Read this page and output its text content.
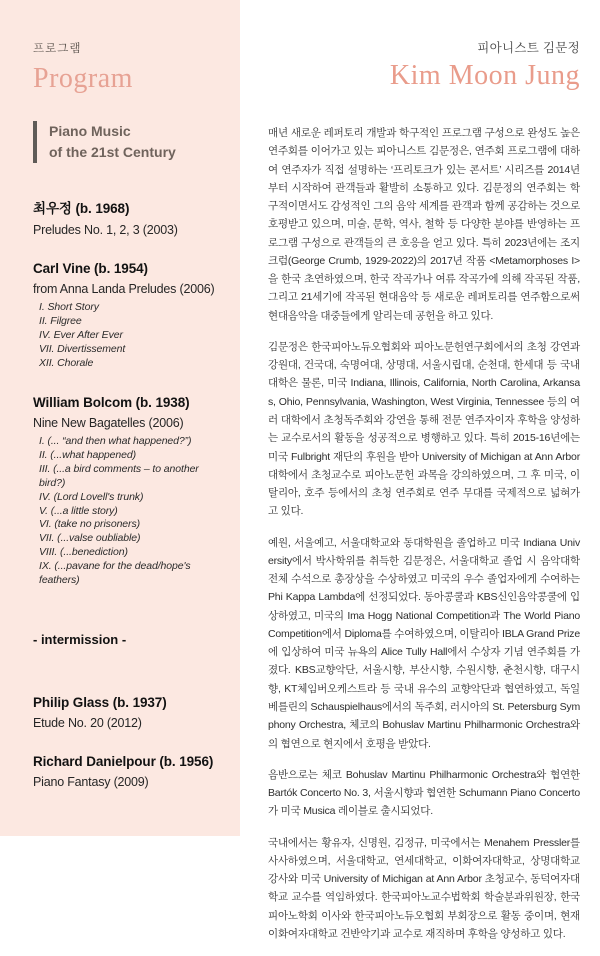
프로그램
Program
Piano Music
of the 21st Century
최우정 (b. 1968)
Preludes No. 1, 2, 3 (2003)
Carl Vine (b. 1954)
from Anna Landa Preludes (2006)
I. Short Story
II. Filgree
IV. Ever After Ever
VII. Divertissement
XII. Chorale
William Bolcom (b. 1938)
Nine New Bagatelles (2006)
I. (... “and then what happened?”)
II. (...what happened)
III. (...a bird comments – to another bird?)
IV. (Lord Lovell's trunk)
V. (...a little story)
VI. (take no prisoners)
VII. (...valse oubliable)
VIII. (...benediction)
IX. (...pavane for the dead/hope's feathers)
- intermission -
Philip Glass (b. 1937)
Etude No. 20 (2012)
Richard Danielpour (b. 1956)
Piano Fantasy (2009)
피아니스트 김문정
Kim Moon Jung

매년 새로운 레퍼토리 개발과 학구적인 프로그램 구성으로 완성도 높은 연주회를 이어가고 있는 피아니스트 김문정은, 연주회 프로그램에 대하여 연주자가 직접 설명하는 ‘프리토크가 있는 콘서트’ 시리즈를 2014년부터 시작하여 관객들과 활발히 소통하고 있다. 김문정의 연주회는 학구적이면서도 감성적인 그의 음악 세계를 관객과 함께 공감하는 것으로 호평받고 있으며, 미술, 문학, 역사, 철학 등 다양한 분야를 반영하는 프로그램 구성으로 관객들의 큰 호응을 얻고 있다. 특히 2023년에는 조지크럼(George Crumb, 1929-2022)의 2017년 작품 <Metamorphoses I>을 한국 초연하였으며, 한국 작곡가나 여류 작곡가에 의해 작곡된 작품, 그리고 21세기에 작곡된 현대음악 등 새로운 레퍼토리를 연주함으로써 현대음악을 대중들에게 알리는데 공헌을 하고 있다.

김문정은 한국피아노듀오협회와 피아노문헌연구회에서의 초청 강연과 강원대, 건국대, 숙명여대, 상명대, 서울시립대, 순천대, 한세대 등 국내 대학은 물론, 미국 Indiana, Illinois, California, North Carolina, Arkansas, Ohio, Pennsylvania, Washington, West Virginia, Tennessee 등의 여러 대학에서 초청독주회와 강연을 통해 전문 연주자이자 후학을 양성하는 교수로서의 활동을 성공적으로 병행하고 있다. 특히 2015-16년에는 미국 Fulbright 재단의 후원을 받아 University of Michigan at Ann Arbor 대학에서 초청교수로 피아노문헌 과목을 강의하였으며, 그 후 미국, 이탈리아, 호주 등에서의 초청 연주회로 연주 무대를 국제적으로 넓혀가고 있다.

예원, 서울예고, 서울대학교와 동대학원을 졸업하고 미국 Indiana University에서 박사학위를 취득한 김문정은, 서울대학교 졸업 시 음악대학 전체 수석으로 총장상을 수상하였고 미국의 우수 졸업자에게 수여하는 Phi Kappa Lambda에 선정되었다. 동아콩쿨과 KBS신인음악콩쿨에 입상하였고, 미국의 Ima Hogg National Competition과 The World Piano Competition에서 Diploma를 수여하였으며, 이탈리아 IBLA Grand Prize에 입상하여 미국 뉴욕의 Alice Tully Hall에서 수상자 기념 연주회를 가졌다. KBS교향악단, 서울시향, 부산시향, 수원시향, 춘천시향, 대구시향, KT체임버오케스트라 등 국내 유수의 교향악단과 협연하였고, 독일 베를린의 Schauspielhaus에서의 독주회, 러시아의 St. Petersburg Symphony Orchestra, 체코의 Bohuslav Martinu Philharmonic Orchestra와의 협연으로 현지에서 호평을 받았다.

음반으로는 체코 Bohuslav Martinu Philharmonic Orchestra와 협연한 Bartók Concerto No. 3, 서울시향과 협연한 Schumann Piano Concerto가 미국 Musica 레이블로 출시되었다.

국내에서는 황유자, 신명원, 김정규, 미국에서는 Menahem Pressler를 사사하였으며, 서울대학교, 연세대학교, 이화여자대학교, 상명대학교 강사와 미국 University of Michigan at Ann Arbor 초청교수, 동덕여자대학교 교수를 역임하였다. 한국피아노교수법학회 학술분과위원장, 한국피아노학회 이사와 한국피아노듀오협회 부회장으로 활동 중이며, 현재 이화여자대학교 건반악기과 교수로 재직하며 후학을 양성하고 있다.
